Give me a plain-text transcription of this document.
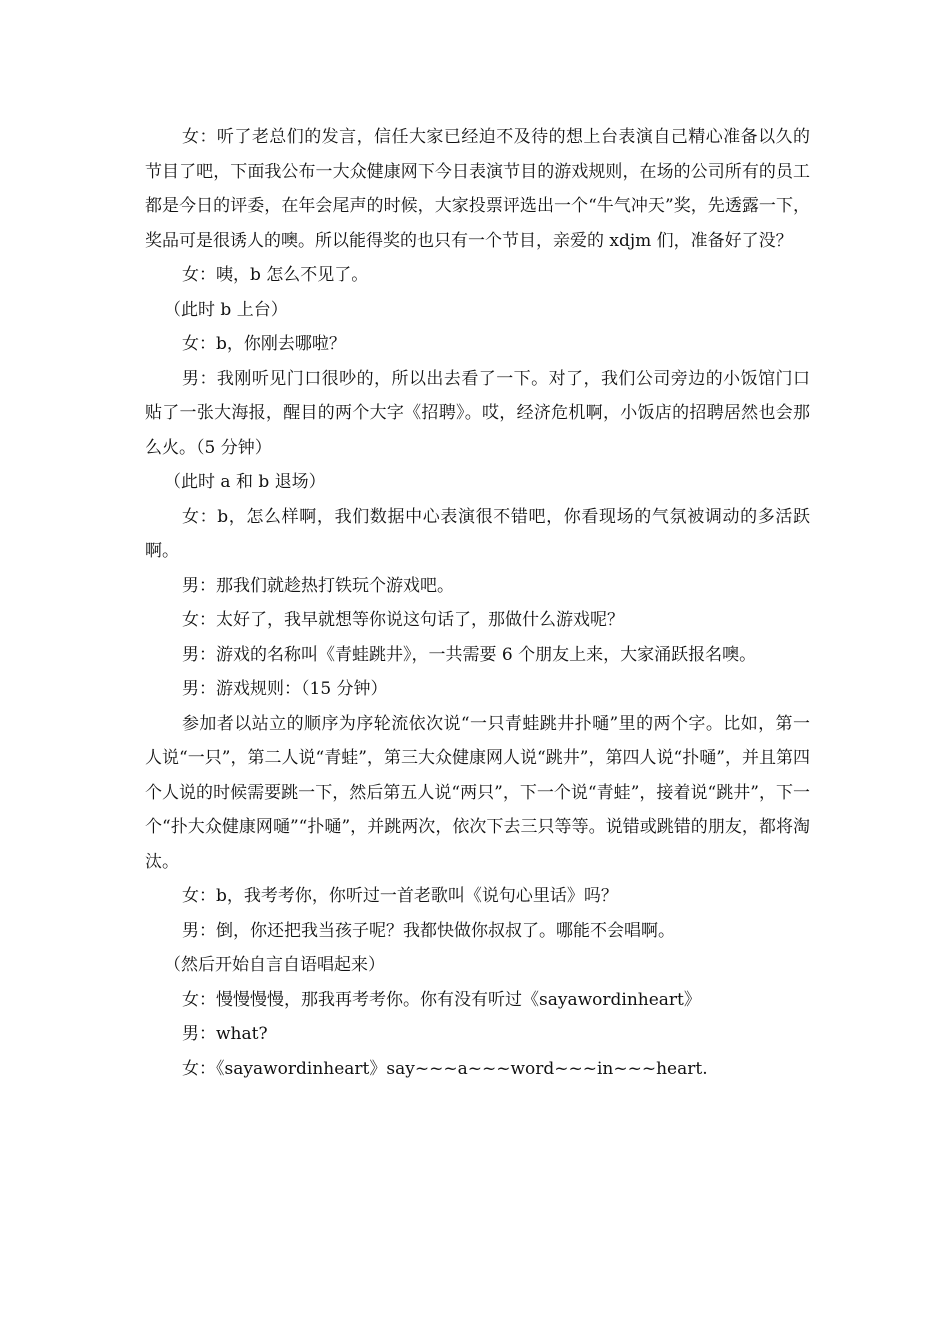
女：听了老总们的发言，信任大家已经迫不及待的想上台表演自己精心准备以久的节目了吧，下面我公布一大众健康网下今日表演节目的游戏规则，在场的公司所有的员工都是今日的评委，在年会尾声的时候，大家投票评选出一个“牛气冲天”奖，先透露一下，奖品可是很诱人的噢。所以能得奖的也只有一个节目，亲爱的 xdjm 们，准备好了没？

女：咦，b 怎么不见了。

（此时 b 上台）

女：b，你刚去哪啦？

男：我刚听见门口很吵的，所以出去看了一下。对了，我们公司旁边的小饭馆门口贴了一张大海报，醒目的两个大字《招聘》。哎，经济危机啊，小饭店的招聘居然也会那么火。（5 分钟）

（此时 a 和 b 退场）

女：b，怎么样啊，我们数据中心表演很不错吧，你看现场的气氛被调动的多活跃啊。

男：那我们就趁热打铁玩个游戏吧。

女：太好了，我早就想等你说这句话了，那做什么游戏呢？

男：游戏的名称叫《青蛙跳井》，一共需要 6 个朋友上来，大家涌跃报名噢。

男：游戏规则：（15 分钟）

参加者以站立的顺序为序轮流依次说“一只青蛙跳井扑嗵”里的两个字。比如，第一人说“一只”，第二人说“青蛙”，第三大众健康网人说“跳井”，第四人说“扑嗵”，并且第四个人说的时候需要跳一下，然后第五人说“两只”，下一个说“青蛙”，接着说“跳井”，下一个“扑大众健康网嗵”“扑嗵”，并跳两次，依次下去三只等等。说错或跳错的朋友，都将淘汰。

女：b，我考考你，你听过一首老歌叫《说句心里话》吗？

男：倒，你还把我当孩子呢？我都快做你叔叔了。哪能不会唱啊。

（然后开始自言自语唱起来）

女：慢慢慢慢，那我再考考你。你有没有听过《sayawordinheart》

男：what?

女：《sayawordinheart》say~~~a~~~word~~~in~~~heart.
